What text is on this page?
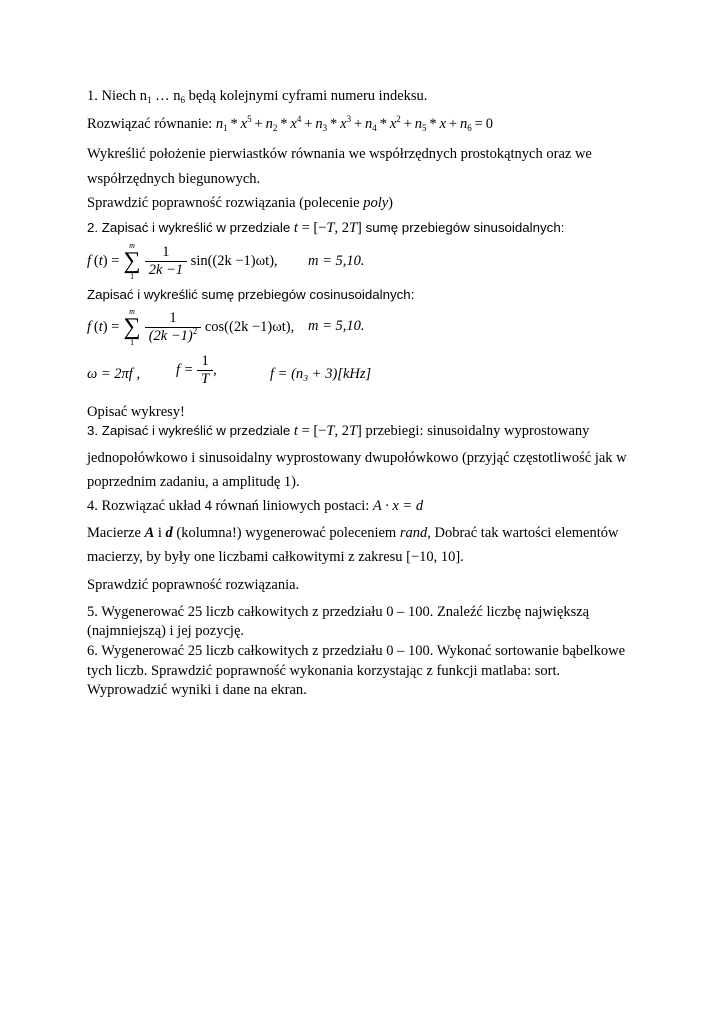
1. Niech $n_1$ … $n_6$ będą kolejnymi cyframi numeru indeksu.
Rozwiązać równanie: $n_1 * x^5 + n_2 * x^4 + n_3 * x^3 + n_4 * x^2 + n_5 * x + n_6 = 0$
Wykreślić położenie pierwiastków równania we współrzędnych prostokątnych oraz we
współrzędnych biegunowych.
Sprawdzić poprawność rozwiązania (polecenie poly)
2. Zapisać i wykreślić w przedziale t = [−T, 2T] sumę przebiegów sinusoidalnych:
f (t) =
m
∑
1
$\frac{1}{2k -1} \sin((2k -1)\omega t)$, m = 5,10.
Zapisać i wykreślić sumę przebiegów cosinusoidalnych:
f (t) =
m
∑
1
$\frac{1}{(2k -1)^2} \cos((2k -1)\omega t)$, m = 5,10.
ω = 2πf , $f = \frac{1}{T}$ ,	f = (n₃ + 3)[kHz]
Opisać wykresy!
3. Zapisać i wykreślić w przedziale t = [−T, 2T] przebiegi: sinusoidalny wyprostowany
jednopołówkowo i sinusoidalny wyprostowany dwupołówkowo (przyjąć częstotliwość jak w
poprzednim zadaniu, a amplitudę 1).
4. Rozwiązać układ 4 równań liniowych postaci: A · x = d
Macierze A i d (kolumna!) wygenerować poleceniem rand, Dobrać tak wartości elementów
macierzy, by były one liczbami całkowitymi z zakresu [−10, 10].
Sprawdzić poprawność rozwiązania.
5. Wygenerować 25 liczb całkowitych z przedziału 0 – 100. Znaleźć liczbę największą
(najmniejszą) i jej pozycję.
6. Wygenerować 25 liczb całkowitych z przedziału 0 – 100. Wykonać sortowanie bąbelkowe
tych liczb. Sprawdzić poprawność wykonania korzystając z funkcji matlaba: sort.
Wyprowadzić wyniki i dane na ekran.
